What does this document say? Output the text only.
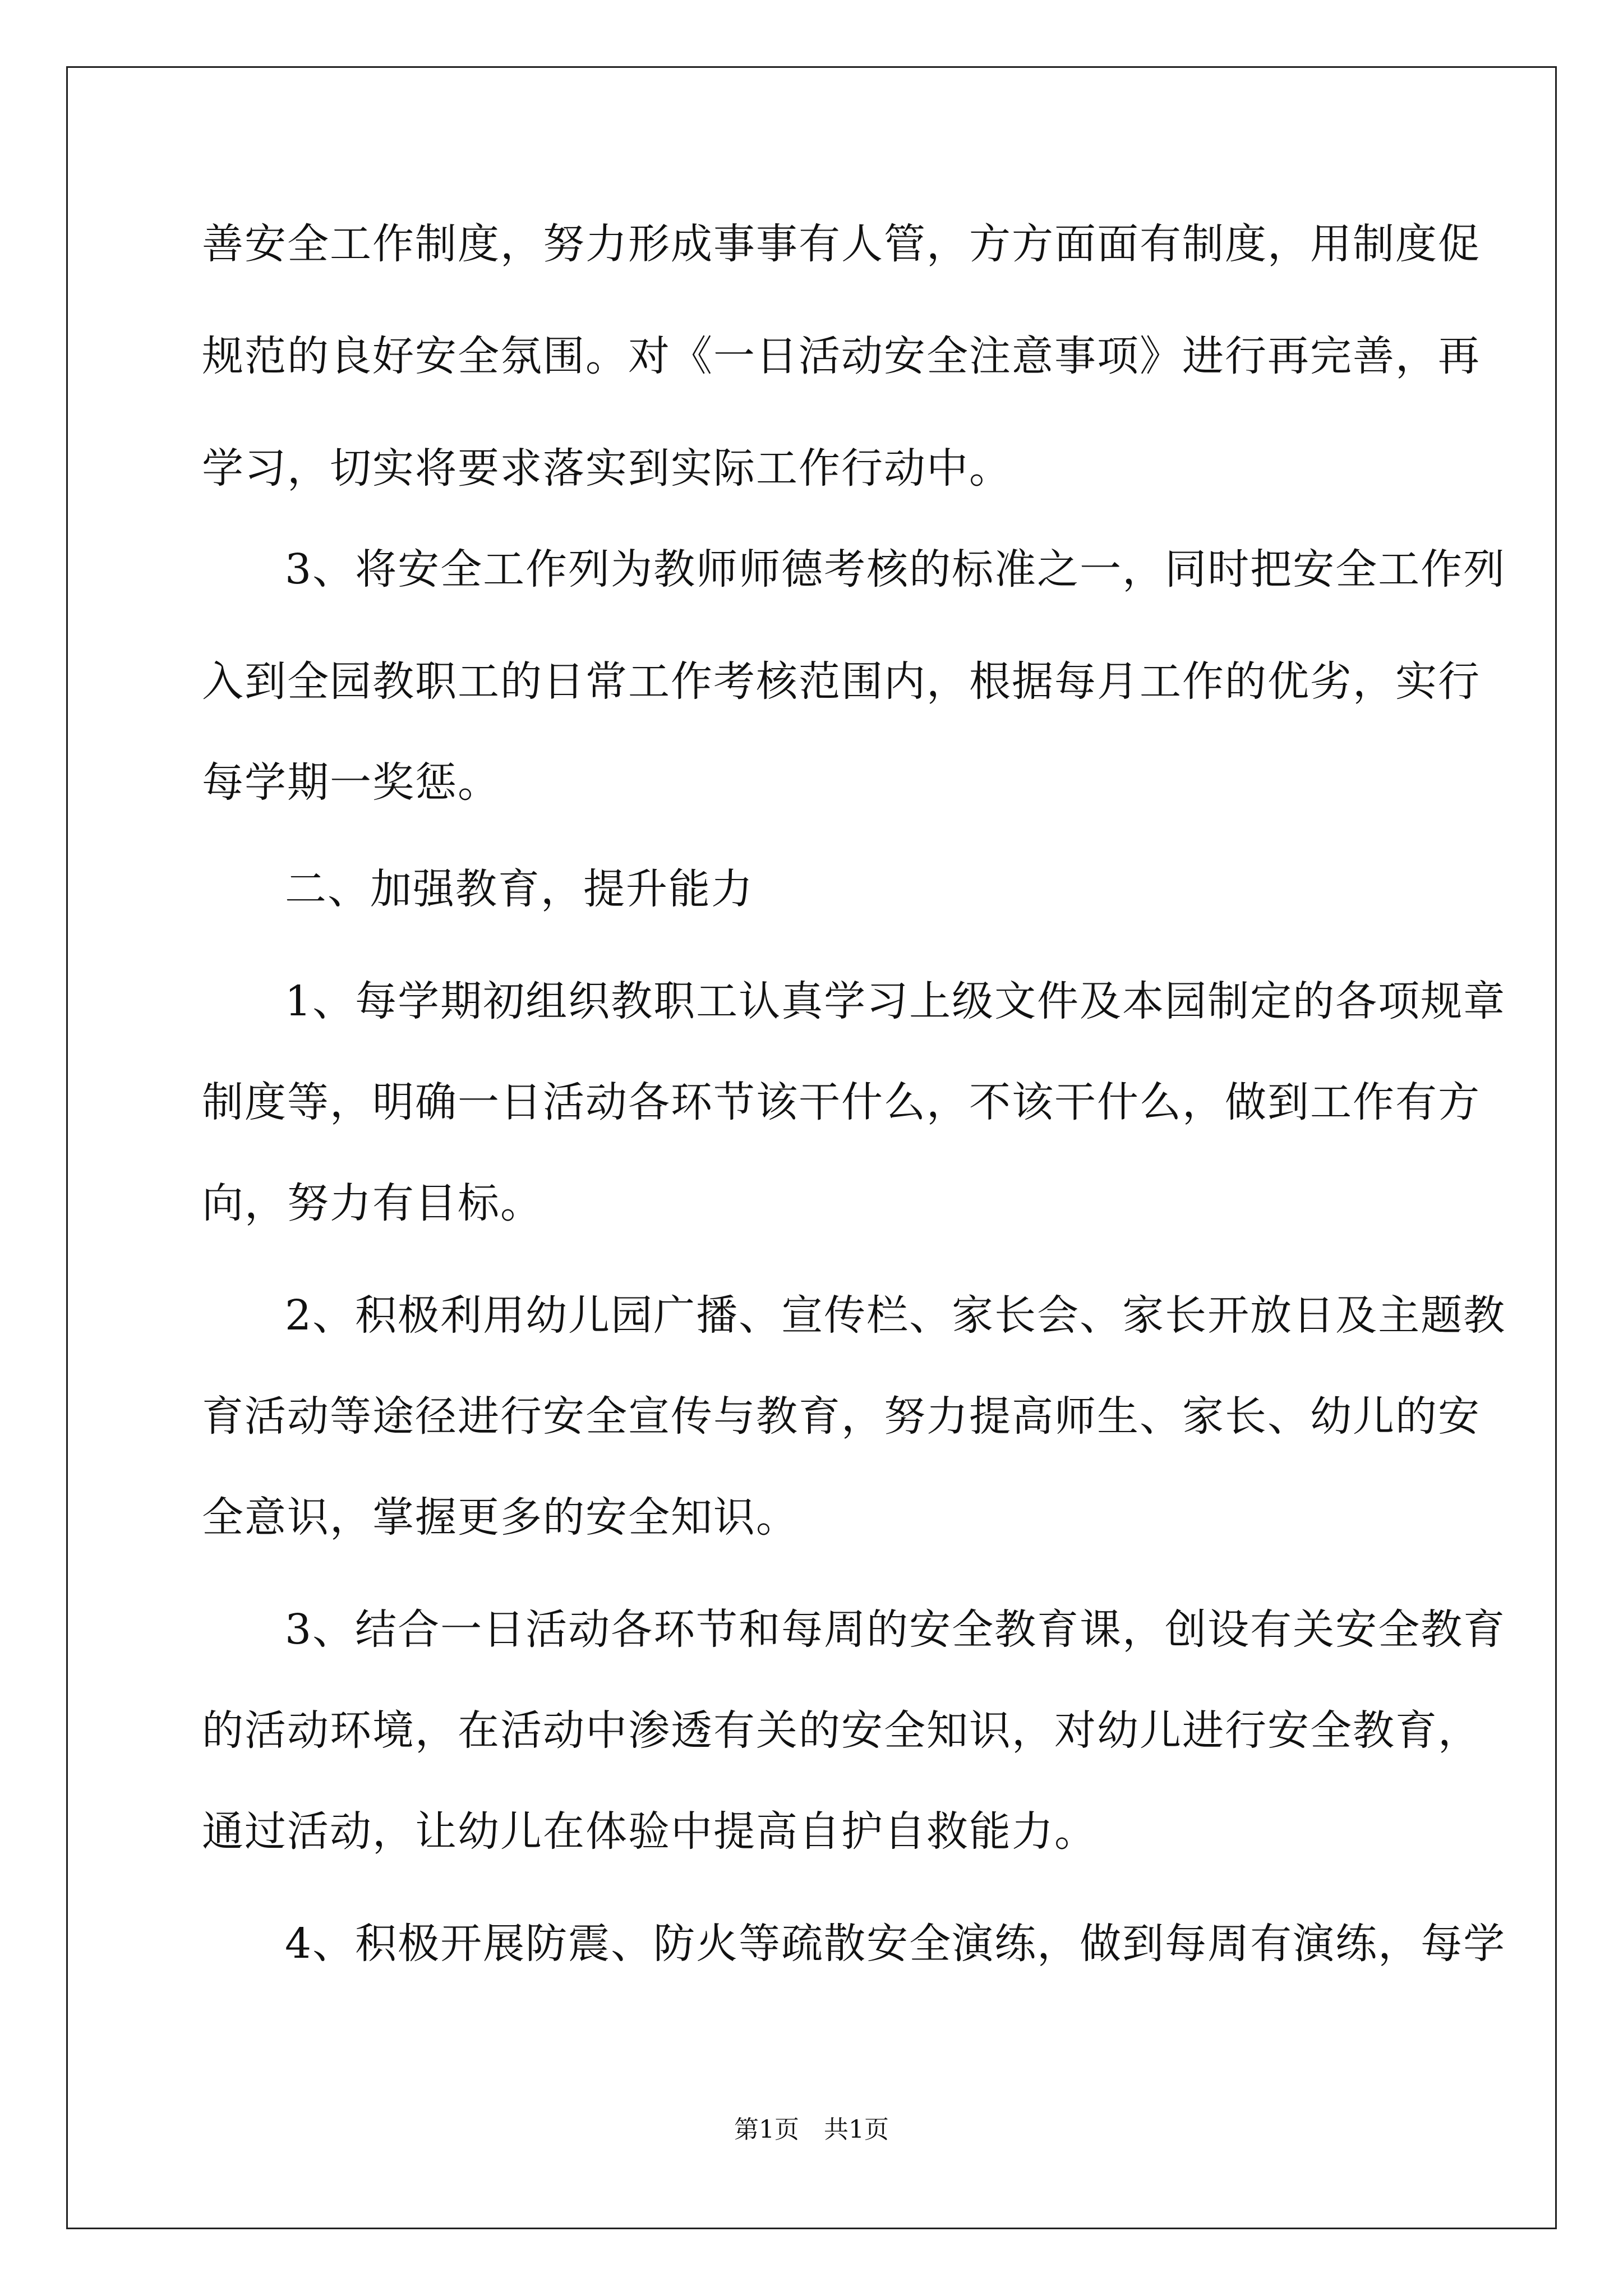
善安全工作制度，努力形成事事有人管，方方面面有制度，用制度促
规范的良好安全氛围。对《一日活动安全注意事项》进行再完善，再
学习，切实将要求落实到实际工作行动中。
3、将安全工作列为教师师德考核的标准之一，同时把安全工作列
入到全园教职工的日常工作考核范围内，根据每月工作的优劣，实行
每学期一奖惩。
二、加强教育，提升能力
1、每学期初组织教职工认真学习上级文件及本园制定的各项规章
制度等，明确一日活动各环节该干什么，不该干什么，做到工作有方
向，努力有目标。
2、积极利用幼儿园广播、宣传栏、家长会、家长开放日及主题教
育活动等途径进行安全宣传与教育，努力提高师生、家长、幼儿的安
全意识，掌握更多的安全知识。
3、结合一日活动各环节和每周的安全教育课，创设有关安全教育
的活动环境，在活动中渗透有关的安全知识，对幼儿进行安全教育，
通过活动，让幼儿在体验中提高自护自救能力。
4、积极开展防震、防火等疏散安全演练，做到每周有演练，每学
第1页　共1页
